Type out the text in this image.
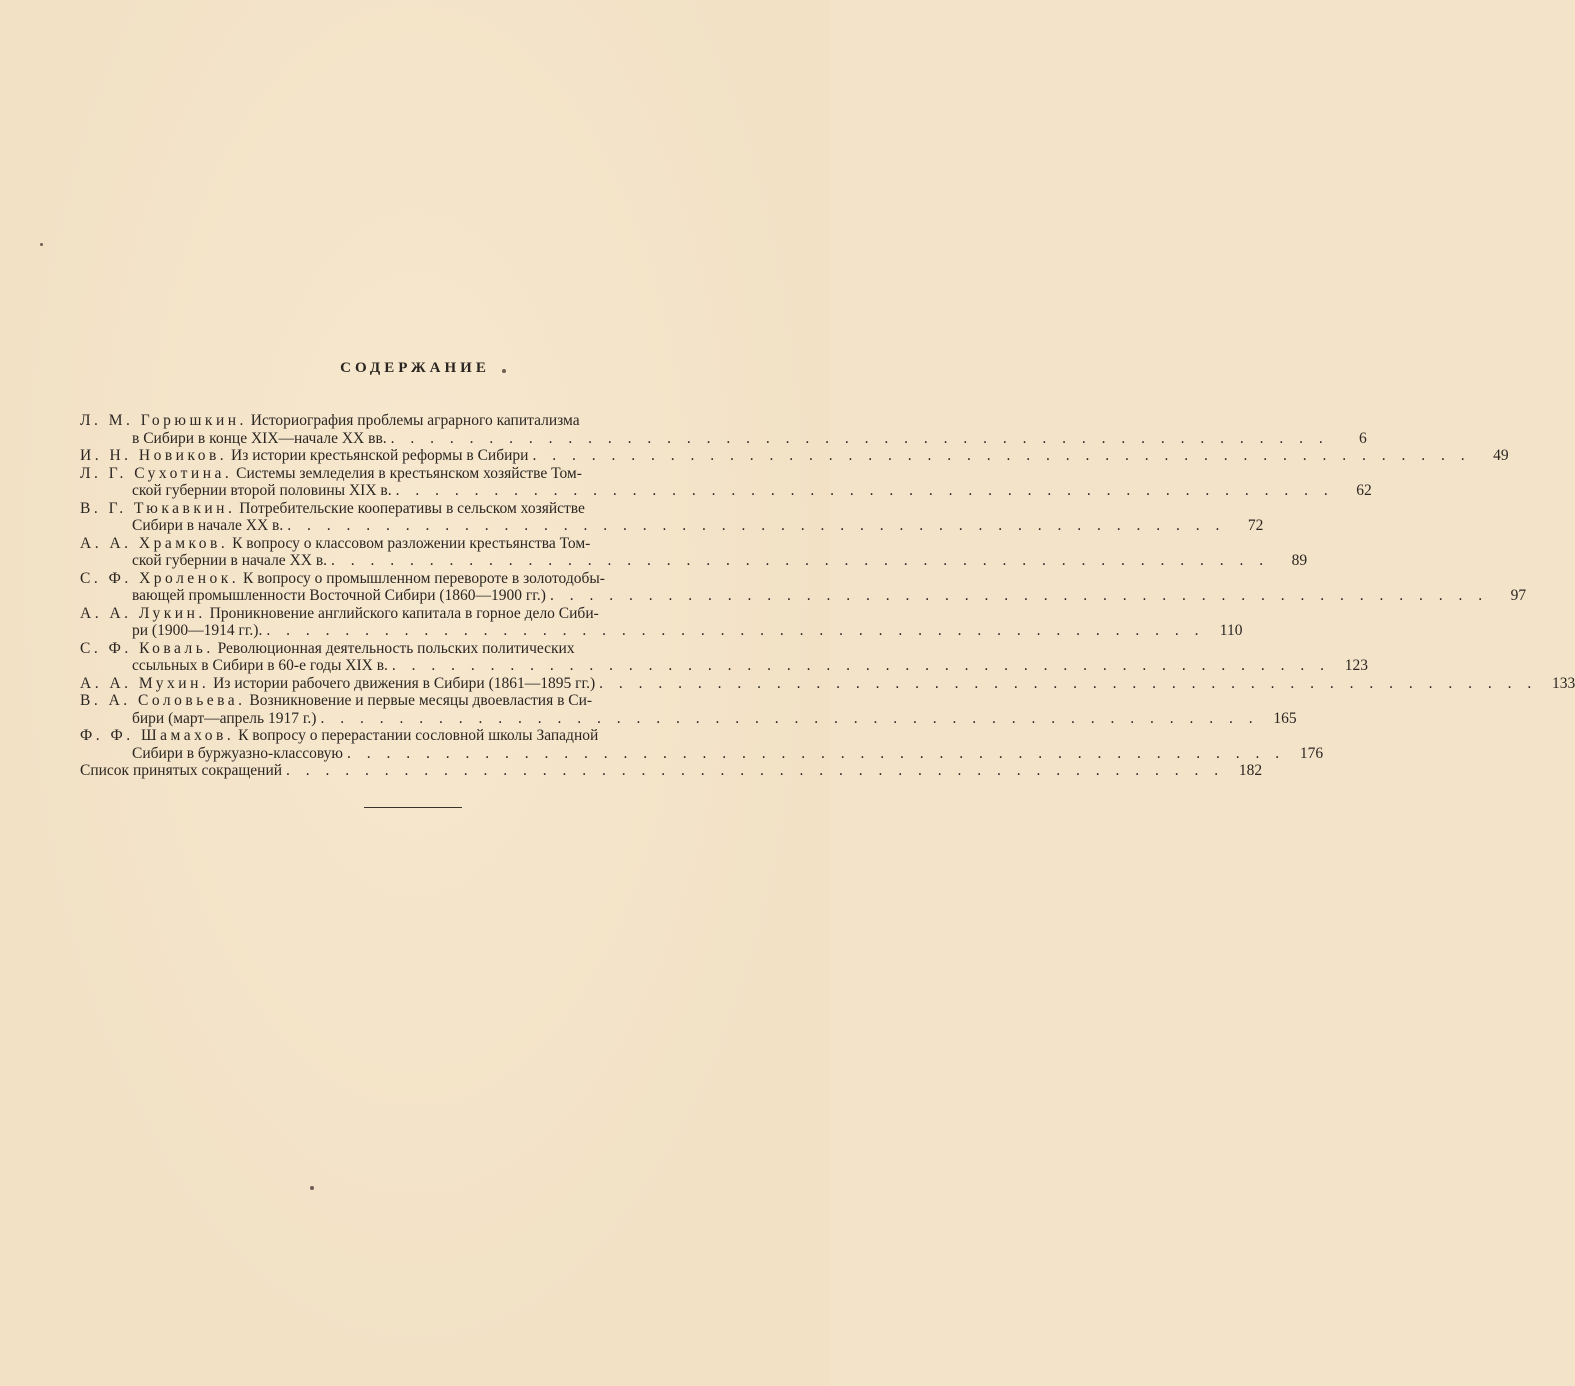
СОДЕРЖАНИЕ
Л. М. Горюшкин. Историография проблемы аграрного капитализма
в Сибири в конце XIX—начале XX вв. . . .	6
И. Н. Новиков. Из истории крестьянской реформы в Сибири . . .	49
Л. Г. Сухотина. Системы земледелия в крестьянском хозяйстве Том-
ской губернии второй половины XIX в. . . .	62
В. Г. Тюкавкин. Потребительские кооперативы в сельском хозяйстве
Сибири в начале XX в. . . .	72
А. А. Храмков. К вопросу о классовом разложении крестьянства Том-
ской губернии в начале XX в. . . .	89
С. Ф. Хроленок. К вопросу о промышленном перевороте в золотодобы-
вающей промышленности Восточной Сибири (1860—1900 гг.) . . .	97
А. А. Лукин. Проникновение английского капитала в горное дело Сиби-
ри (1900—1914 гг.). . . .	110
С. Ф. Коваль. Революционная деятельность польских политических
ссыльных в Сибири в 60-е годы XIX в. . . .	123
А. А. Мухин. Из истории рабочего движения в Сибири (1861—1895 гг.) . . .	133
В. А. Соловьева. Возникновение и первые месяцы двоевластия в Си-
бири (март—апрель 1917 г.) . . .	165
Ф. Ф. Шамахов. К вопросу о перерастании сословной школы Западной
Сибири в буржуазно-классовую . . .	176
Список принятых сокращений . . .	182
